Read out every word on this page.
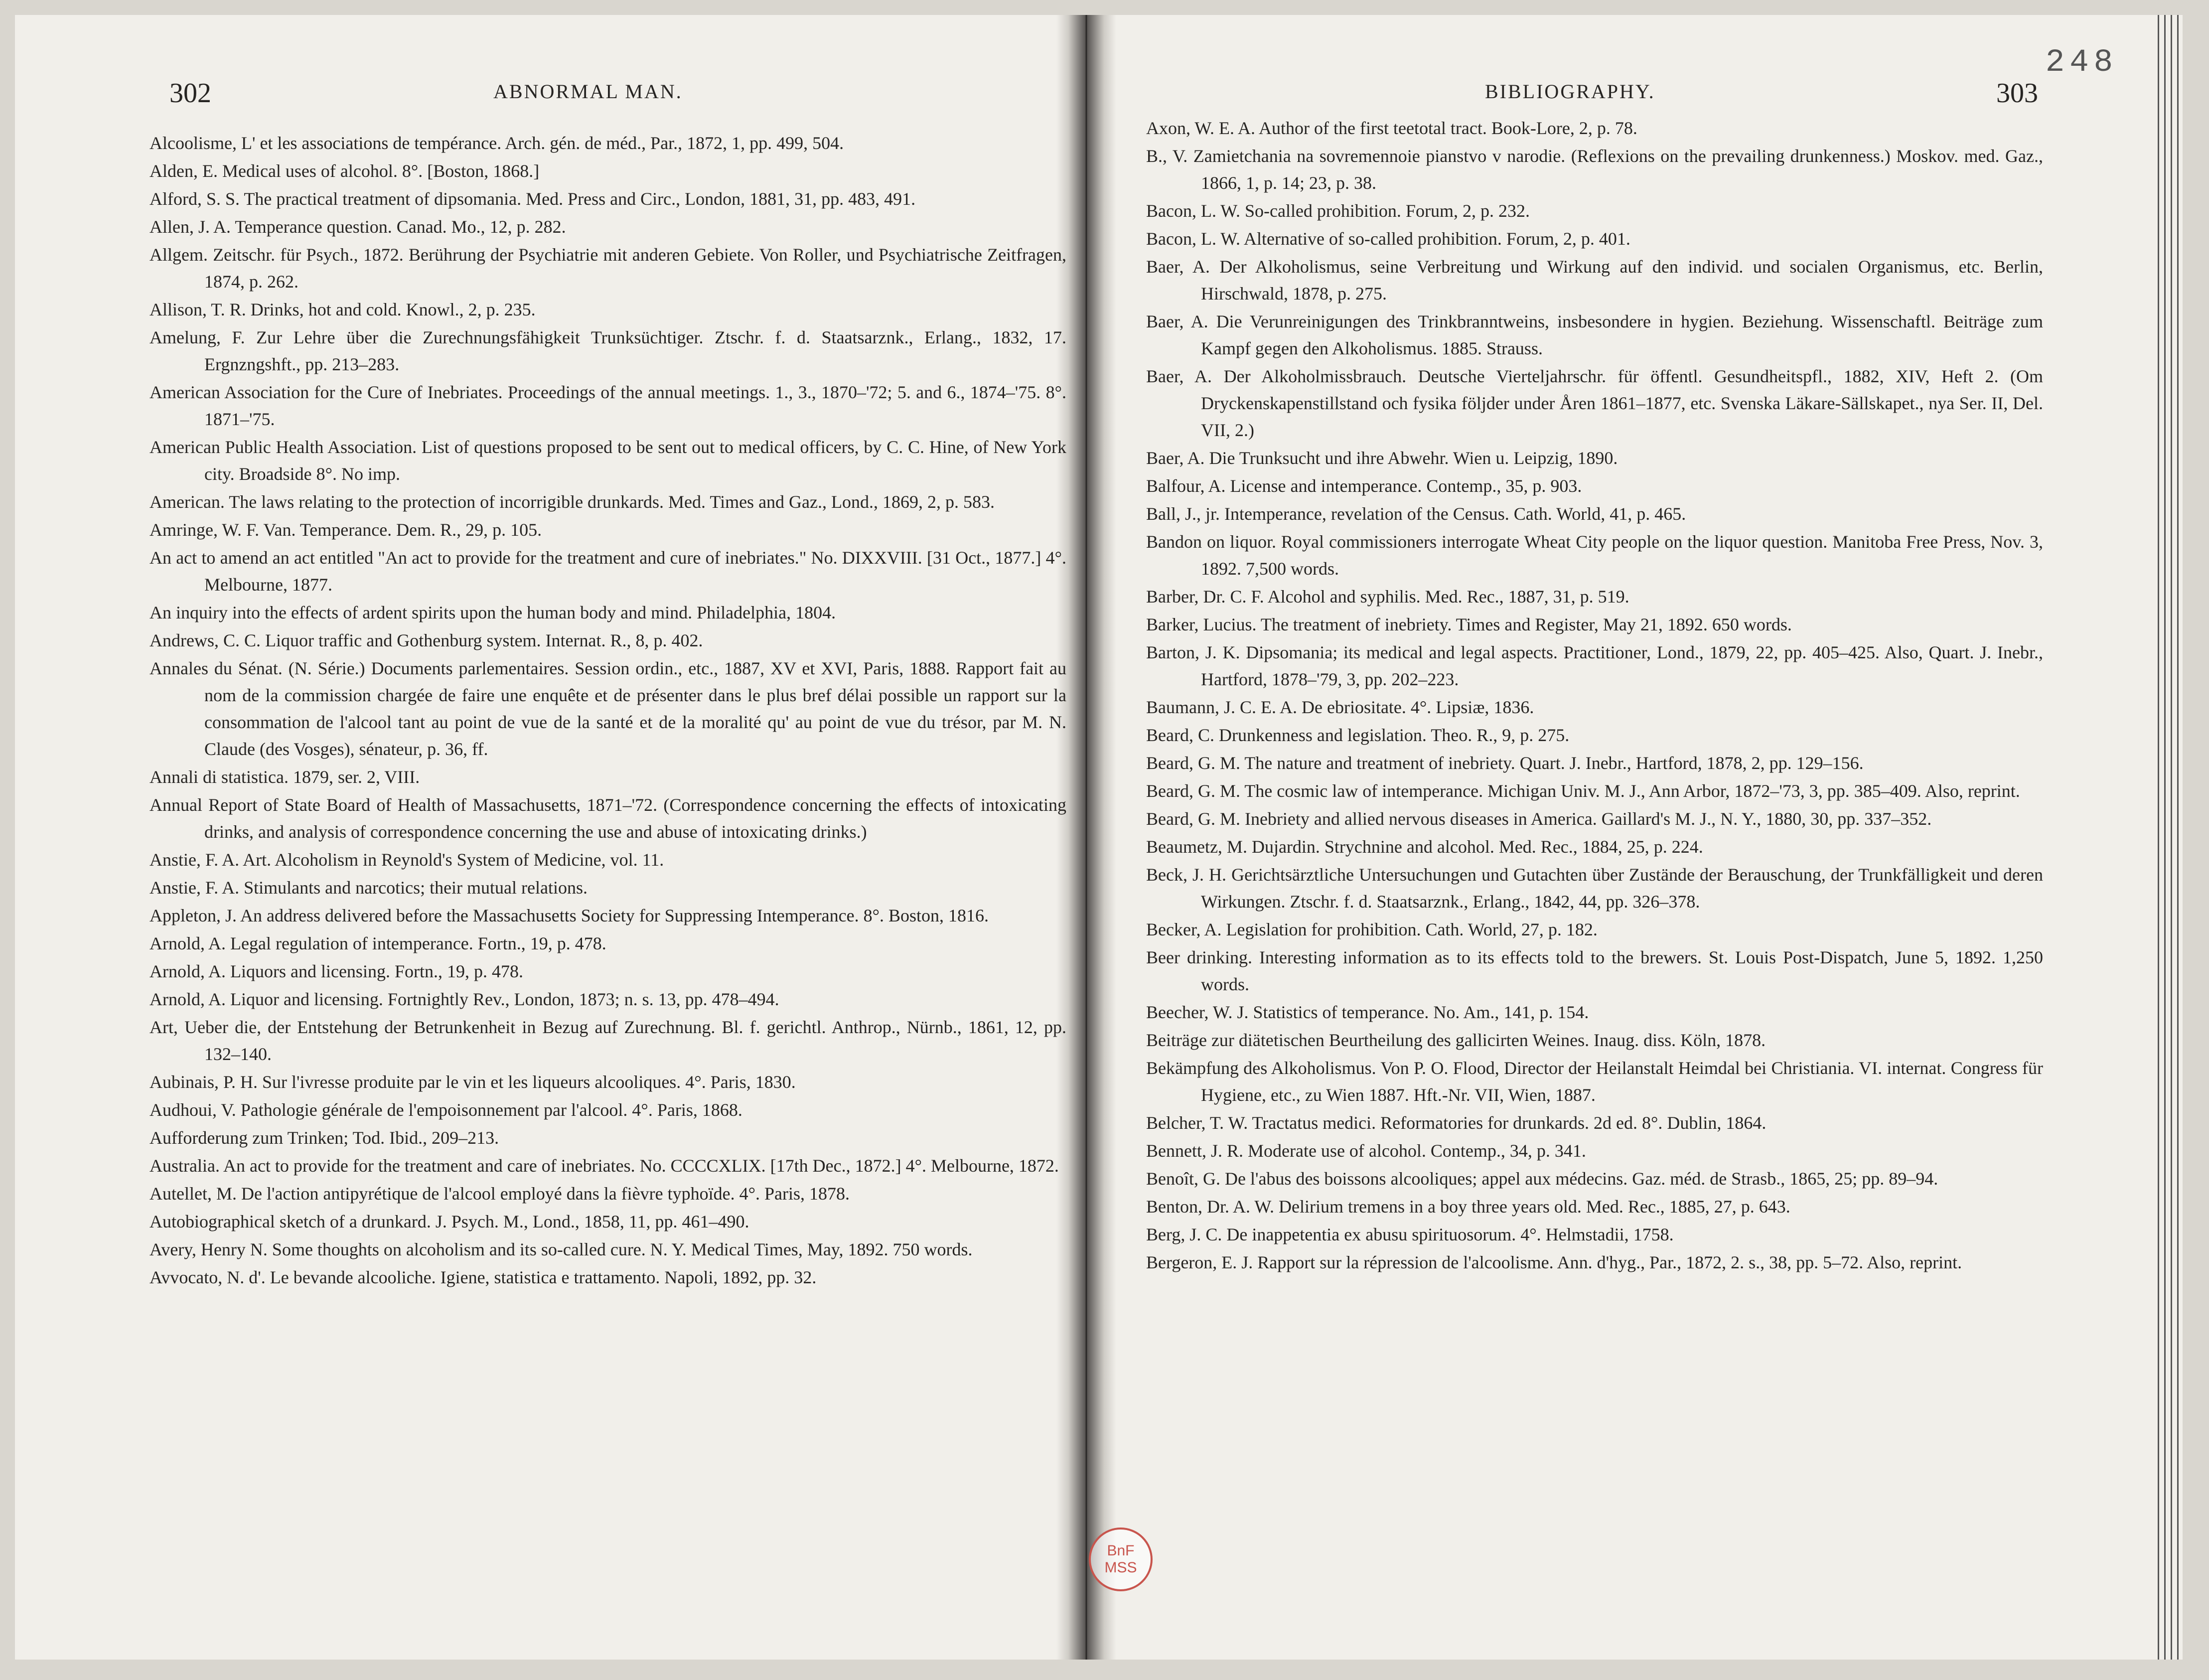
248
302	ABNORMAL MAN.
Alcoolisme, L' et les associations de tempérance. Arch. gén. de méd., Par., 1872, 1, pp. 499, 504.
Alden, E. Medical uses of alcohol. 8°. [Boston, 1868.]
Alford, S. S. The practical treatment of dipsomania. Med. Press and Circ., London, 1881, 31, pp. 483, 491.
Allen, J. A. Temperance question. Canad. Mo., 12, p. 282.
Allgem. Zeitschr. für Psych., 1872. Berührung der Psychiatrie mit anderen Gebiete. Von Roller, und Psychiatrische Zeitfragen, 1874, p. 262.
Allison, T. R. Drinks, hot and cold. Knowl., 2, p. 235.
Amelung, F. Zur Lehre über die Zurechnungsfähigkeit Trunksüchtiger. Ztschr. f. d. Staatsarznk., Erlang., 1832, 17. Ergnzngshft., pp. 213–283.
American Association for the Cure of Inebriates. Proceedings of the annual meetings. 1., 3., 1870–'72; 5. and 6., 1874–'75. 8°. 1871–'75.
American Public Health Association. List of questions proposed to be sent out to medical officers, by C. C. Hine, of New York city. Broadside 8°. No imp.
American. The laws relating to the protection of incorrigible drunkards. Med. Times and Gaz., Lond., 1869, 2, p. 583.
Amringe, W. F. Van. Temperance. Dem. R., 29, p. 105.
An act to amend an act entitled "An act to provide for the treatment and cure of inebriates." No. DIXXVIII. [31 Oct., 1877.] 4°. Melbourne, 1877.
An inquiry into the effects of ardent spirits upon the human body and mind. Philadelphia, 1804.
Andrews, C. C. Liquor traffic and Gothenburg system. Internat. R., 8, p. 402.
Annales du Sénat. (N. Série.) Documents parlementaires. Session ordin., etc., 1887, XV et XVI, Paris, 1888. Rapport fait au nom de la commission chargée de faire une enquête et de présenter dans le plus bref délai possible un rapport sur la consommation de l'alcool tant au point de vue de la santé et de la moralité qu' au point de vue du trésor, par M. N. Claude (des Vosges), sénateur, p. 36, ff.
Annali di statistica. 1879, ser. 2, VIII.
Annual Report of State Board of Health of Massachusetts, 1871–'72. (Correspondence concerning the effects of intoxicating drinks, and analysis of correspondence concerning the use and abuse of intoxicating drinks.)
Anstie, F. A. Art. Alcoholism in Reynold's System of Medicine, vol. 11.
Anstie, F. A. Stimulants and narcotics; their mutual relations.
Appleton, J. An address delivered before the Massachusetts Society for Suppressing Intemperance. 8°. Boston, 1816.
Arnold, A. Legal regulation of intemperance. Fortn., 19, p. 478.
Arnold, A. Liquors and licensing. Fortn., 19, p. 478.
Arnold, A. Liquor and licensing. Fortnightly Rev., London, 1873; n. s. 13, pp. 478–494.
Art, Ueber die, der Entstehung der Betrunkenheit in Bezug auf Zurechnung. Bl. f. gerichtl. Anthrop., Nürnb., 1861, 12, pp. 132–140.
Aubinais, P. H. Sur l'ivresse produite par le vin et les liqueurs alcooliques. 4°. Paris, 1830.
Audhoui, V. Pathologie générale de l'empoisonnement par l'alcool. 4°. Paris, 1868.
Aufforderung zum Trinken; Tod. Ibid., 209–213.
Australia. An act to provide for the treatment and care of inebriates. No. CCCCXLIX. [17th Dec., 1872.] 4°. Melbourne, 1872.
Autellet, M. De l'action antipyrétique de l'alcool employé dans la fièvre typhoïde. 4°. Paris, 1878.
Autobiographical sketch of a drunkard. J. Psych. M., Lond., 1858, 11, pp. 461–490.
Avery, Henry N. Some thoughts on alcoholism and its so-called cure. N. Y. Medical Times, May, 1892. 750 words.
Avvocato, N. d'. Le bevande alcooliche. Igiene, statistica e trattamento. Napoli, 1892, pp. 32.
BIBLIOGRAPHY.	303
Axon, W. E. A. Author of the first teetotal tract. Book-Lore, 2, p. 78.
B., V. Zamietchania na sovremennoie pianstvo v narodie. (Reflexions on the prevailing drunkenness.) Moskov. med. Gaz., 1866, 1, p. 14; 23, p. 38.
Bacon, L. W. So-called prohibition. Forum, 2, p. 232.
Bacon, L. W. Alternative of so-called prohibition. Forum, 2, p. 401.
Baer, A. Der Alkoholismus, seine Verbreitung und Wirkung auf den individ. und socialen Organismus, etc. Berlin, Hirschwald, 1878, p. 275.
Baer, A. Die Verunreinigungen des Trinkbranntweins, insbesondere in hygien. Beziehung. Wissenschaftl. Beiträge zum Kampf gegen den Alkoholismus. 1885. Strauss.
Baer, A. Der Alkoholmissbrauch. Deutsche Vierteljahrschr. für öffentl. Gesundheitspfl., 1882, XIV, Heft 2. (Om Dryckenskapenstillstand och fysika följder under Åren 1861–1877, etc. Svenska Läkare-Sällskapet., nya Ser. II, Del. VII, 2.)
Baer, A. Die Trunksucht und ihre Abwehr. Wien u. Leipzig, 1890.
Balfour, A. License and intemperance. Contemp., 35, p. 903.
Ball, J., jr. Intemperance, revelation of the Census. Cath. World, 41, p. 465.
Bandon on liquor. Royal commissioners interrogate Wheat City people on the liquor question. Manitoba Free Press, Nov. 3, 1892. 7,500 words.
Barber, Dr. C. F. Alcohol and syphilis. Med. Rec., 1887, 31, p. 519.
Barker, Lucius. The treatment of inebriety. Times and Register, May 21, 1892. 650 words.
Barton, J. K. Dipsomania; its medical and legal aspects. Practitioner, Lond., 1879, 22, pp. 405–425. Also, Quart. J. Inebr., Hartford, 1878–'79, 3, pp. 202–223.
Baumann, J. C. E. A. De ebriositate. 4°. Lipsiæ, 1836.
Beard, C. Drunkenness and legislation. Theo. R., 9, p. 275.
Beard, G. M. The nature and treatment of inebriety. Quart. J. Inebr., Hartford, 1878, 2, pp. 129–156.
Beard, G. M. The cosmic law of intemperance. Michigan Univ. M. J., Ann Arbor, 1872–'73, 3, pp. 385–409. Also, reprint.
Beard, G. M. Inebriety and allied nervous diseases in America. Gaillard's M. J., N. Y., 1880, 30, pp. 337–352.
Beaumetz, M. Dujardin. Strychnine and alcohol. Med. Rec., 1884, 25, p. 224.
Beck, J. H. Gerichtsärztliche Untersuchungen und Gutachten über Zustände der Berauschung, der Trunkfälligkeit und deren Wirkungen. Ztschr. f. d. Staatsarznk., Erlang., 1842, 44, pp. 326–378.
Becker, A. Legislation for prohibition. Cath. World, 27, p. 182.
Beer drinking. Interesting information as to its effects told to the brewers. St. Louis Post-Dispatch, June 5, 1892. 1,250 words.
Beecher, W. J. Statistics of temperance. No. Am., 141, p. 154.
Beiträge zur diätetischen Beurtheilung des gallicirten Weines. Inaug. diss. Köln, 1878.
Bekämpfung des Alkoholismus. Von P. O. Flood, Director der Heilanstalt Heimdal bei Christiania. VI. internat. Congress für Hygiene, etc., zu Wien 1887. Hft.-Nr. VII, Wien, 1887.
Belcher, T. W. Tractatus medici. Reformatories for drunkards. 2d ed. 8°. Dublin, 1864.
Bennett, J. R. Moderate use of alcohol. Contemp., 34, p. 341.
Benoît, G. De l'abus des boissons alcooliques; appel aux médecins. Gaz. méd. de Strasb., 1865, 25; pp. 89–94.
Benton, Dr. A. W. Delirium tremens in a boy three years old. Med. Rec., 1885, 27, p. 643.
Berg, J. C. De inappetentia ex abusu spirituosorum. 4°. Helmstadii, 1758.
Bergeron, E. J. Rapport sur la répression de l'alcoolisme. Ann. d'hyg., Par., 1872, 2. s., 38, pp. 5–72. Also, reprint.
BnF
MSS
